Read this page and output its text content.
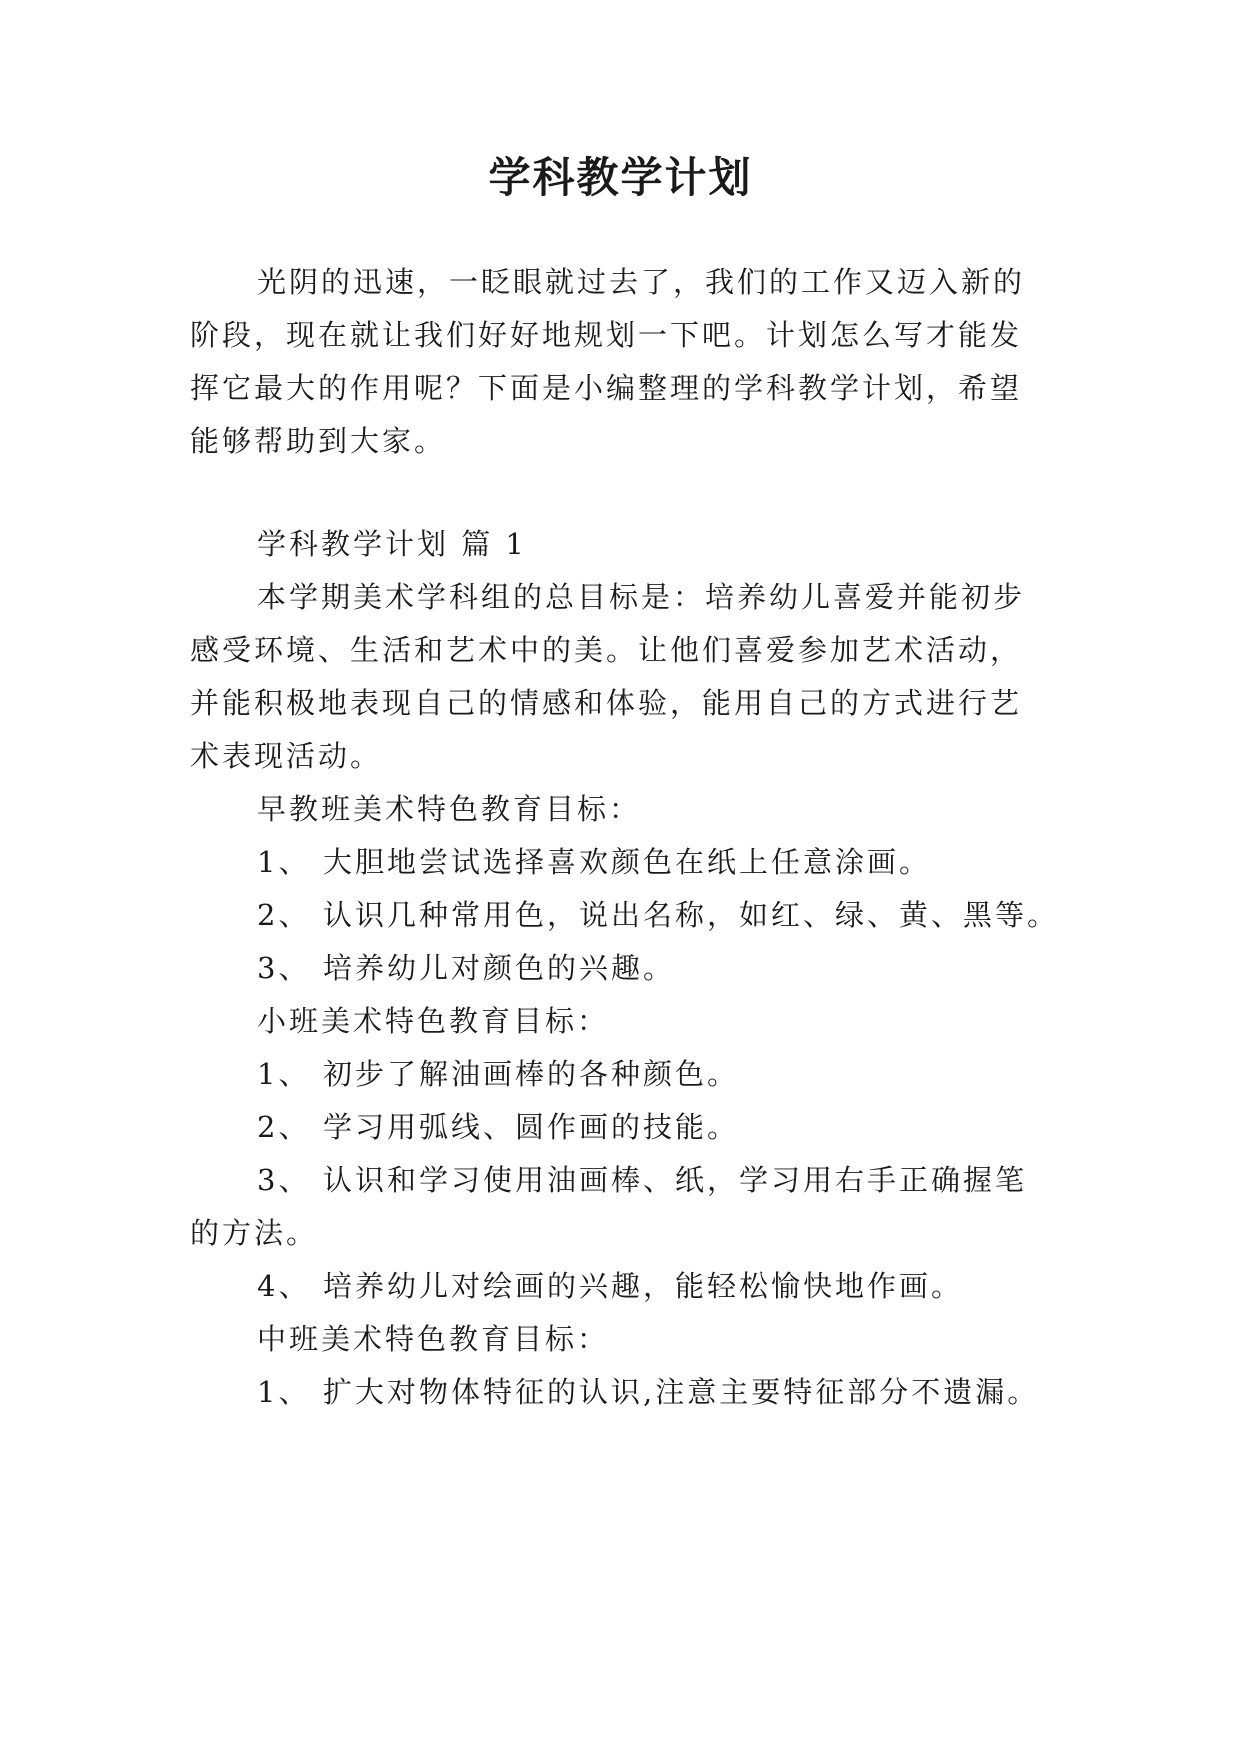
学科教学计划

光阴的迅速，一眨眼就过去了，我们的工作又迈入新的

阶段，现在就让我们好好地规划一下吧。计划怎么写才能发

挥它最大的作用呢？下面是小编整理的学科教学计划，希望

能够帮助到大家。

学科教学计划 篇 1

本学期美术学科组的总目标是：培养幼儿喜爱并能初步

感受环境、生活和艺术中的美。让他们喜爱参加艺术活动，

并能积极地表现自己的情感和体验，能用自己的方式进行艺

术表现活动。

早教班美术特色教育目标：

1、 大胆地尝试选择喜欢颜色在纸上任意涂画。

2、 认识几种常用色，说出名称，如红、绿、黄、黑等。

3、 培养幼儿对颜色的兴趣。

小班美术特色教育目标：

1、 初步了解油画棒的各种颜色。

2、 学习用弧线、圆作画的技能。

3、 认识和学习使用油画棒、纸，学习用右手正确握笔

的方法。

4、 培养幼儿对绘画的兴趣，能轻松愉快地作画。

中班美术特色教育目标：

1、 扩大对物体特征的认识,注意主要特征部分不遗漏。
